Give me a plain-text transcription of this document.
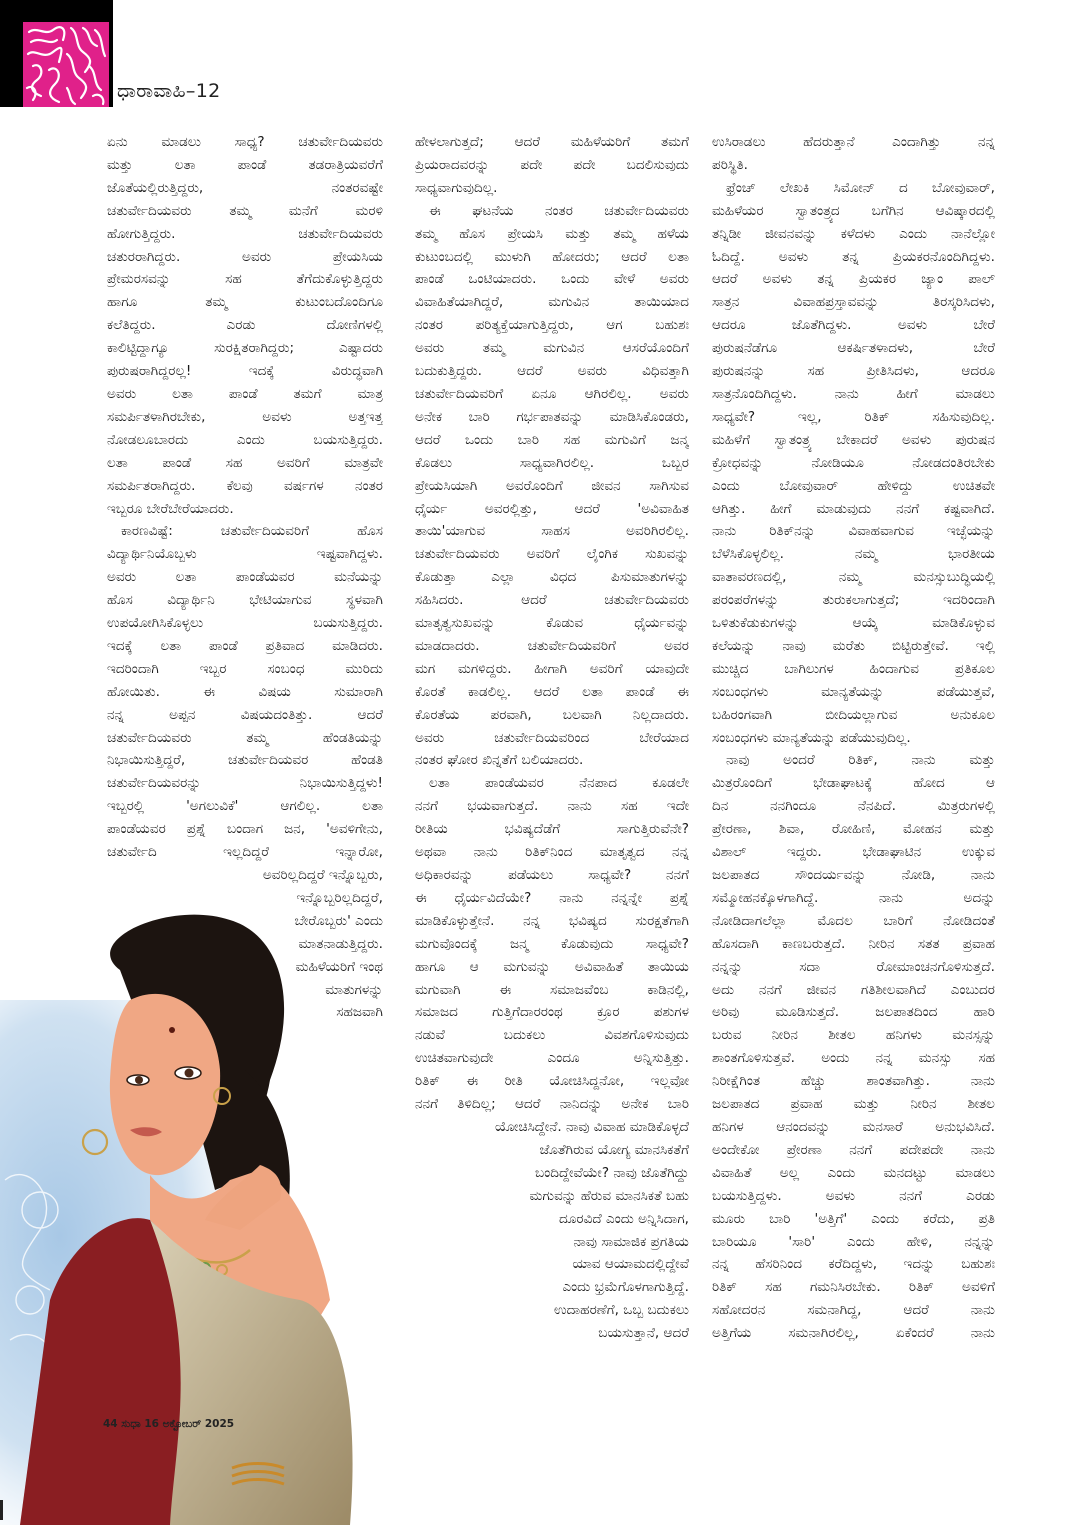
ಧಾರಾವಾಹಿ–12
ಏನು ಮಾಡಲು ಸಾಧ್ಯ? ಚತುರ್ವೇದಿಯವರು
ಮತ್ತು ಲತಾ ಪಾಂಡೆ ತಡರಾತ್ರಿಯವರೆಗೆ
ಜೊತೆಯಲ್ಲಿರುತ್ತಿದ್ದರು, ನಂತರವಷ್ಟೇ
ಚತುರ್ವೇದಿಯವರು ತಮ್ಮ ಮನೆಗೆ ಮರಳಿ
ಹೋಗುತ್ತಿದ್ದರು. ಚತುರ್ವೇದಿಯವರು
ಚತುರರಾಗಿದ್ದರು. ಅವರು ಪ್ರೇಯಸಿಯ
ಪ್ರೇಮರಸವನ್ನು ಸಹ ತೆಗೆದುಕೊಳ್ಳುತ್ತಿದ್ದರು
ಹಾಗೂ ತಮ್ಮ ಕುಟುಂಬದೊಂದಿಗೂ
ಕಲೆತಿದ್ದರು. ಎರಡು ದೋಣಿಗಳಲ್ಲಿ
ಕಾಲಿಟ್ಟಿದ್ದಾಗ್ಯೂ ಸುರಕ್ಷಿತರಾಗಿದ್ದರು; ಎಷ್ಟಾದರು
ಪುರುಷರಾಗಿದ್ದರಲ್ಲ! ಇದಕ್ಕೆ ವಿರುದ್ಧವಾಗಿ
ಅವರು ಲತಾ ಪಾಂಡೆ ತಮಗೆ ಮಾತ್ರ
ಸಮರ್ಪಿತಳಾಗಿರಬೇಕು, ಅವಳು ಅತ್ತಇತ್ತ
ನೋಡಲೂಬಾರದು ಎಂದು ಬಯಸುತ್ತಿದ್ದರು.
ಲತಾ ಪಾಂಡೆ ಸಹ ಅವರಿಗೆ ಮಾತ್ರವೇ
ಸಮರ್ಪಿತರಾಗಿದ್ದರು. ಕೆಲವು ವರ್ಷಗಳ ನಂತರ
ಇಬ್ಬರೂ ಬೇರೆಬೇರೆಯಾದರು.
ಕಾರಣವಿಷ್ಟೆ: ಚತುರ್ವೇದಿಯವರಿಗೆ ಹೊಸ
ವಿದ್ಯಾರ್ಥಿನಿಯೊಬ್ಬಳು ಇಷ್ಟವಾಗಿದ್ದಳು.
ಅವರು ಲತಾ ಪಾಂಡೆಯವರ ಮನೆಯನ್ನು
ಹೊಸ ವಿದ್ಯಾರ್ಥಿನಿ ಭೇಟಿಯಾಗುವ ಸ್ಥಳವಾಗಿ
ಉಪಯೋಗಿಸಿಕೊಳ್ಳಲು ಬಯಸುತ್ತಿದ್ದರು.
ಇದಕ್ಕೆ ಲತಾ ಪಾಂಡೆ ಪ್ರತಿವಾದ ಮಾಡಿದರು.
ಇದರಿಂದಾಗಿ ಇಬ್ಬರ ಸಂಬಂಧ ಮುರಿದು
ಹೋಯಿತು. ಈ ವಿಷಯ ಸುಮಾರಾಗಿ
ನನ್ನ ಅಪ್ಪನ ವಿಷಯದಂತಿತ್ತು. ಆದರೆ
ಚತುರ್ವೇದಿಯವರು ತಮ್ಮ ಹೆಂಡತಿಯನ್ನು
ನಿಭಾಯಿಸುತ್ತಿದ್ದರೆ, ಚತುರ್ವೇದಿಯವರ ಹೆಂಡತಿ
ಚತುರ್ವೇದಿಯವರನ್ನು ನಿಭಾಯಿಸುತ್ತಿದ್ದಳು!
ಇಬ್ಬರಲ್ಲಿ 'ಅಗಲುವಿಕೆ' ಆಗಲಿಲ್ಲ. ಲತಾ
ಪಾಂಡೆಯವರ ಪ್ರಶ್ನೆ ಬಂದಾಗ ಜನ, 'ಅವಳಿಗೇನು,
ಚತುರ್ವೇದಿ ಇಲ್ಲದಿದ್ದರೆ ಇನ್ನಾರೋ,
ಅವರಿಲ್ಲದಿದ್ದರೆ ಇನ್ನೊಬ್ಬರು,
ಇನ್ನೊಬ್ಬರಿಲ್ಲದಿದ್ದರೆ,
ಬೇರೊಬ್ಬರು' ಎಂದು
ಮಾತನಾಡುತ್ತಿದ್ದರು.
ಮಹಿಳೆಯರಿಗೆ ಇಂಥ
ಮಾತುಗಳನ್ನು
ಸಹಜವಾಗಿ
ಹೇಳಲಾಗುತ್ತದೆ; ಆದರೆ ಮಹಿಳೆಯರಿಗೆ ತಮಗೆ
ಪ್ರಿಯರಾದವರನ್ನು ಪದೇ ಪದೇ ಬದಲಿಸುವುದು
ಸಾಧ್ಯವಾಗುವುದಿಲ್ಲ.
ಈ ಘಟನೆಯ ನಂತರ ಚತುರ್ವೇದಿಯವರು
ತಮ್ಮ ಹೊಸ ಪ್ರೇಯಸಿ ಮತ್ತು ತಮ್ಮ ಹಳೆಯ
ಕುಟುಂಬದಲ್ಲಿ ಮುಳುಗಿ ಹೋದರು; ಆದರೆ ಲತಾ
ಪಾಂಡೆ ಒಂಟಿಯಾದರು. ಒಂದು ವೇಳೆ ಅವರು
ವಿವಾಹಿತೆಯಾಗಿದ್ದರೆ, ಮಗುವಿನ ತಾಯಿಯಾದ
ನಂತರ ಪರಿತ್ಯಕ್ತೆಯಾಗುತ್ತಿದ್ದರು, ಆಗ ಬಹುಶಃ
ಅವರು ತಮ್ಮ ಮಗುವಿನ ಆಸರೆಯೊಂದಿಗೆ
ಬದುಕುತ್ತಿದ್ದರು. ಆದರೆ ಅವರು ವಿಧಿವತ್ತಾಗಿ
ಚತುರ್ವೇದಿಯವರಿಗೆ ಏನೂ ಆಗಿರಲಿಲ್ಲ. ಅವರು
ಅನೇಕ ಬಾರಿ ಗರ್ಭಪಾತವನ್ನು ಮಾಡಿಸಿಕೊಂಡರು,
ಆದರೆ ಒಂದು ಬಾರಿ ಸಹ ಮಗುವಿಗೆ ಜನ್ಮ
ಕೊಡಲು ಸಾಧ್ಯವಾಗಿರಲಿಲ್ಲ. ಒಬ್ಬರ
ಪ್ರೇಯಸಿಯಾಗಿ ಅವರೊಂದಿಗೆ ಜೀವನ ಸಾಗಿಸುವ
ಧೈರ್ಯ ಅವರಲ್ಲಿತ್ತು, ಆದರೆ 'ಅವಿವಾಹಿತ
ತಾಯಿ'ಯಾಗುವ ಸಾಹಸ ಅವರಿಗಿರಲಿಲ್ಲ.
ಚತುರ್ವೇದಿಯವರು ಅವರಿಗೆ ಲೈಂಗಿಕ ಸುಖವನ್ನು
ಕೊಡುತ್ತಾ ಎಲ್ಲಾ ವಿಧದ ಪಿಸುಮಾತುಗಳನ್ನು
ಸಹಿಸಿದರು. ಆದರೆ ಚತುರ್ವೇದಿಯವರು
ಮಾತೃತ್ವಸುಖವನ್ನು ಕೊಡುವ ಧೈರ್ಯವನ್ನು
ಮಾಡದಾದರು. ಚತುರ್ವೇದಿಯವರಿಗೆ ಅವರ
ಮಗ ಮಗಳಿದ್ದರು. ಹೀಗಾಗಿ ಅವರಿಗೆ ಯಾವುದೇ
ಕೊರತೆ ಕಾಡಲಿಲ್ಲ. ಆದರೆ ಲತಾ ಪಾಂಡೆ ಈ
ಕೊರತೆಯ ಪರವಾಗಿ, ಬಲವಾಗಿ ನಿಲ್ಲದಾದರು.
ಅವರು ಚತುರ್ವೇದಿಯವರಿಂದ ಬೇರೆಯಾದ
ನಂತರ ಘೋರ ಖಿನ್ನತೆಗೆ ಬಲಿಯಾದರು.
ಲತಾ ಪಾಂಡೆಯವರ ನೆನಪಾದ ಕೂಡಲೇ
ನನಗೆ ಭಯವಾಗುತ್ತದೆ. ನಾನು ಸಹ ಇದೇ
ರೀತಿಯ ಭವಿಷ್ಯದೆಡೆಗೆ ಸಾಗುತ್ತಿರುವೆನೇ?
ಅಥವಾ ನಾನು ರಿತಿಕ್‌ನಿಂದ ಮಾತೃತ್ವದ ನನ್ನ
ಅಧಿಕಾರವನ್ನು ಪಡೆಯಲು ಸಾಧ್ಯವೇ? ನನಗೆ
ಈ ಧೈರ್ಯವಿದೆಯೇ? ನಾನು ನನ್ನನ್ನೇ ಪ್ರಶ್ನೆ
ಮಾಡಿಕೊಳ್ಳುತ್ತೇನೆ. ನನ್ನ ಭವಿಷ್ಯದ ಸುರಕ್ಷತೆಗಾಗಿ
ಮಗುವೊಂದಕ್ಕೆ ಜನ್ಮ ಕೊಡುವುದು ಸಾಧ್ಯವೇ?
ಹಾಗೂ ಆ ಮಗುವನ್ನು ಅವಿವಾಹಿತೆ ತಾಯಿಯ
ಮಗುವಾಗಿ ಈ ಸಮಾಜವೆಂಬ ಕಾಡಿನಲ್ಲಿ,
ಸಮಾಜದ ಗುತ್ತಿಗೆದಾರರಂಥ ಕ್ರೂರ ಪಶುಗಳ
ನಡುವೆ ಬದುಕಲು ವಿವಶಗೊಳಿಸುವುದು
ಉಚಿತವಾಗುವುದೇ ಎಂದೂ ಅನ್ನಿಸುತ್ತಿತ್ತು.
ರಿತಿಕ್ ಈ ರೀತಿ ಯೋಚಿಸಿದ್ದನೋ, ಇಲ್ಲವೋ
ನನಗೆ ತಿಳಿದಿಲ್ಲ; ಆದರೆ ನಾನಿದನ್ನು ಅನೇಕ ಬಾರಿ
ಯೋಚಿಸಿದ್ದೇನೆ. ನಾವು ವಿವಾಹ ಮಾಡಿಕೊಳ್ಳದೆ
ಜೊತೆಗಿರುವ ಯೋಗ್ಯ ಮಾನಸಿಕತೆಗೆ
ಬಂದಿದ್ದೇವೆಯೇ? ನಾವು ಜೊತೆಗಿದ್ದು
ಮಗುವನ್ನು ಹೆರುವ ಮಾನಸಿಕತೆ ಬಹು
ದೂರವಿದೆ ಎಂದು ಅನ್ನಿಸಿದಾಗ,
ನಾವು ಸಾಮಾಜಿಕ ಪ್ರಗತಿಯ
ಯಾವ ಆಯಾಮದಲ್ಲಿದ್ದೇವೆ
ಎಂದು ಭ್ರಮೆಗೊಳಗಾಗುತ್ತಿದ್ದೆ.
ಉದಾಹರಣೆಗೆ, ಒಬ್ಬ ಬದುಕಲು
ಬಯಸುತ್ತಾನೆ, ಆದರೆ
ಉಸಿರಾಡಲು ಹೆದರುತ್ತಾನೆ ಎಂದಾಗಿತ್ತು ನನ್ನ
ಪರಿಸ್ಥಿತಿ.
ಫ್ರೆಂಚ್ ಲೇಖಕಿ ಸಿಮೋನ್ ದ ಬೋವುವಾರ್,
ಮಹಿಳೆಯರ ಸ್ವಾತಂತ್ರ್ಯದ ಬಗೆಗಿನ ಆವಿಷ್ಕಾರದಲ್ಲಿ
ತನ್ನಿಡೀ ಜೀವನವನ್ನು ಕಳೆದಳು ಎಂದು ನಾನೆಲ್ಲೋ
ಓದಿದ್ದೆ. ಅವಳು ತನ್ನ ಪ್ರಿಯಕರನೊಂದಿಗಿದ್ದಳು.
ಆದರೆ ಅವಳು ತನ್ನ ಪ್ರಿಯಕರ ಜ್ಯಾಂ ಪಾಲ್
ಸಾತ್ರನ ವಿವಾಹಪ್ರಸ್ತಾವವನ್ನು ತಿರಸ್ಕರಿಸಿದಳು,
ಆದರೂ ಜೊತೆಗಿದ್ದಳು. ಅವಳು ಬೇರೆ
ಪುರುಷನೆಡೆಗೂ ಆಕರ್ಷಿತಳಾದಳು, ಬೇರೆ
ಪುರುಷನನ್ನು ಸಹ ಪ್ರೀತಿಸಿದಳು, ಆದರೂ
ಸಾತ್ರನೊಂದಿಗಿದ್ದಳು. ನಾನು ಹೀಗೆ ಮಾಡಲು
ಸಾಧ್ಯವೇ? ಇಲ್ಲ, ರಿತಿಕ್ ಸಹಿಸುವುದಿಲ್ಲ.
ಮಹಿಳೆಗೆ ಸ್ವಾತಂತ್ರ್ಯ ಬೇಕಾದರೆ ಅವಳು ಪುರುಷನ
ಕ್ರೋಧವನ್ನು ನೋಡಿಯೂ ನೋಡದಂತಿರಬೇಕು
ಎಂದು ಬೋವುವಾರ್ ಹೇಳಿದ್ದು ಉಚಿತವೇ
ಆಗಿತ್ತು. ಹೀಗೆ ಮಾಡುವುದು ನನಗೆ ಕಷ್ಟವಾಗಿದೆ.
ನಾನು ರಿತಿಕ್‌ನನ್ನು ವಿವಾಹವಾಗುವ ಇಚ್ಛೆಯನ್ನು
ಬೆಳೆಸಿಕೊಳ್ಳಲಿಲ್ಲ. ನಮ್ಮ ಭಾರತೀಯ
ವಾತಾವರಣದಲ್ಲಿ, ನಮ್ಮ ಮನಸ್ಸುಬುದ್ಧಿಯಲ್ಲಿ
ಪರಂಪರೆಗಳನ್ನು ತುರುಕಲಾಗುತ್ತದೆ; ಇದರಿಂದಾಗಿ
ಒಳಿತುಕೆಡುಕುಗಳನ್ನು ಆಯ್ಕೆ ಮಾಡಿಕೊಳ್ಳುವ
ಕಲೆಯನ್ನು ನಾವು ಮರೆತು ಬಿಟ್ಟಿರುತ್ತೇವೆ. ಇಲ್ಲಿ
ಮುಚ್ಚಿದ ಬಾಗಿಲುಗಳ ಹಿಂದಾಗುವ ಪ್ರತಿಕೂಲ
ಸಂಬಂಧಗಳು ಮಾನ್ಯತೆಯನ್ನು ಪಡೆಯುತ್ತವೆ,
ಬಹಿರಂಗವಾಗಿ ಬೀದಿಯಲ್ಲಾಗುವ ಅನುಕೂಲ
ಸಂಬಂಧಗಳು ಮಾನ್ಯತೆಯನ್ನು ಪಡೆಯುವುದಿಲ್ಲ.
ನಾವು ಅಂದರೆ ರಿತಿಕ್, ನಾನು ಮತ್ತು
ಮಿತ್ರರೊಂದಿಗೆ ಭೇಡಾಘಾಟಕ್ಕೆ ಹೋದ ಆ
ದಿನ ನನಗಿಂದೂ ನೆನಪಿದೆ. ಮಿತ್ರರುಗಳಲ್ಲಿ
ಪ್ರೇರಣಾ, ಶಿವಾ, ರೋಹಿಣಿ, ಮೋಹನ ಮತ್ತು
ವಿಶಾಲ್ ಇದ್ದರು. ಭೇಡಾಘಾಟಿನ ಉಕ್ಕುವ
ಜಲಪಾತದ ಸೌಂದರ್ಯವನ್ನು ನೋಡಿ, ನಾನು
ಸಮ್ಮೋಹನಕ್ಕೊಳಗಾಗಿದ್ದೆ. ನಾನು ಅದನ್ನು
ನೋಡಿದಾಗಲೆಲ್ಲಾ ಮೊದಲ ಬಾರಿಗೆ ನೋಡಿದಂತೆ
ಹೊಸದಾಗಿ ಕಾಣಬರುತ್ತದೆ. ನೀರಿನ ಸತತ ಪ್ರವಾಹ
ನನ್ನನ್ನು ಸದಾ ರೋಮಾಂಚನಗೊಳಿಸುತ್ತದೆ.
ಅದು ನನಗೆ ಜೀವನ ಗತಿಶೀಲವಾಗಿದೆ ಎಂಬುದರ
ಅರಿವು ಮೂಡಿಸುತ್ತದೆ. ಜಲಪಾತದಿಂದ ಹಾರಿ
ಬರುವ ನೀರಿನ ಶೀತಲ ಹನಿಗಳು ಮನಸ್ಸನ್ನು
ಶಾಂತಗೊಳಿಸುತ್ತವೆ. ಅಂದು ನನ್ನ ಮನಸ್ಸು ಸಹ
ನಿರೀಕ್ಷೆಗಿಂತ ಹೆಚ್ಚು ಶಾಂತವಾಗಿತ್ತು. ನಾನು
ಜಲಪಾತದ ಪ್ರವಾಹ ಮತ್ತು ನೀರಿನ ಶೀತಲ
ಹನಿಗಳ ಆನಂದವನ್ನು ಮನಸಾರೆ ಅನುಭವಿಸಿದೆ.
ಅಂದೇಕೋ ಪ್ರೇರಣಾ ನನಗೆ ಪದೇಪದೇ ನಾನು
ವಿವಾಹಿತೆ ಅಲ್ಲ ಎಂದು ಮನದಟ್ಟು ಮಾಡಲು
ಬಯಸುತ್ತಿದ್ದಳು. ಅವಳು ನನಗೆ ಎರಡು
ಮೂರು ಬಾರಿ 'ಅತ್ತಿಗೆ' ಎಂದು ಕರೆದು, ಪ್ರತಿ
ಬಾರಿಯೂ 'ಸಾರಿ' ಎಂದು ಹೇಳಿ, ನನ್ನನ್ನು
ನನ್ನ ಹೆಸರಿನಿಂದ ಕರೆದಿದ್ದಳು, ಇದನ್ನು ಬಹುಶಃ
ರಿತಿಕ್ ಸಹ ಗಮನಿಸಿರಬೇಕು. ರಿತಿಕ್ ಅವಳಿಗೆ
ಸಹೋದರನ ಸಮನಾಗಿದ್ದ, ಆದರೆ ನಾನು
ಅತ್ತಿಗೆಯ ಸಮನಾಗಿರಲಿಲ್ಲ, ಏಕೆಂದರೆ ನಾನು
44 ಸುಧಾ 16 ಅಕ್ಟೋಬರ್ 2025
